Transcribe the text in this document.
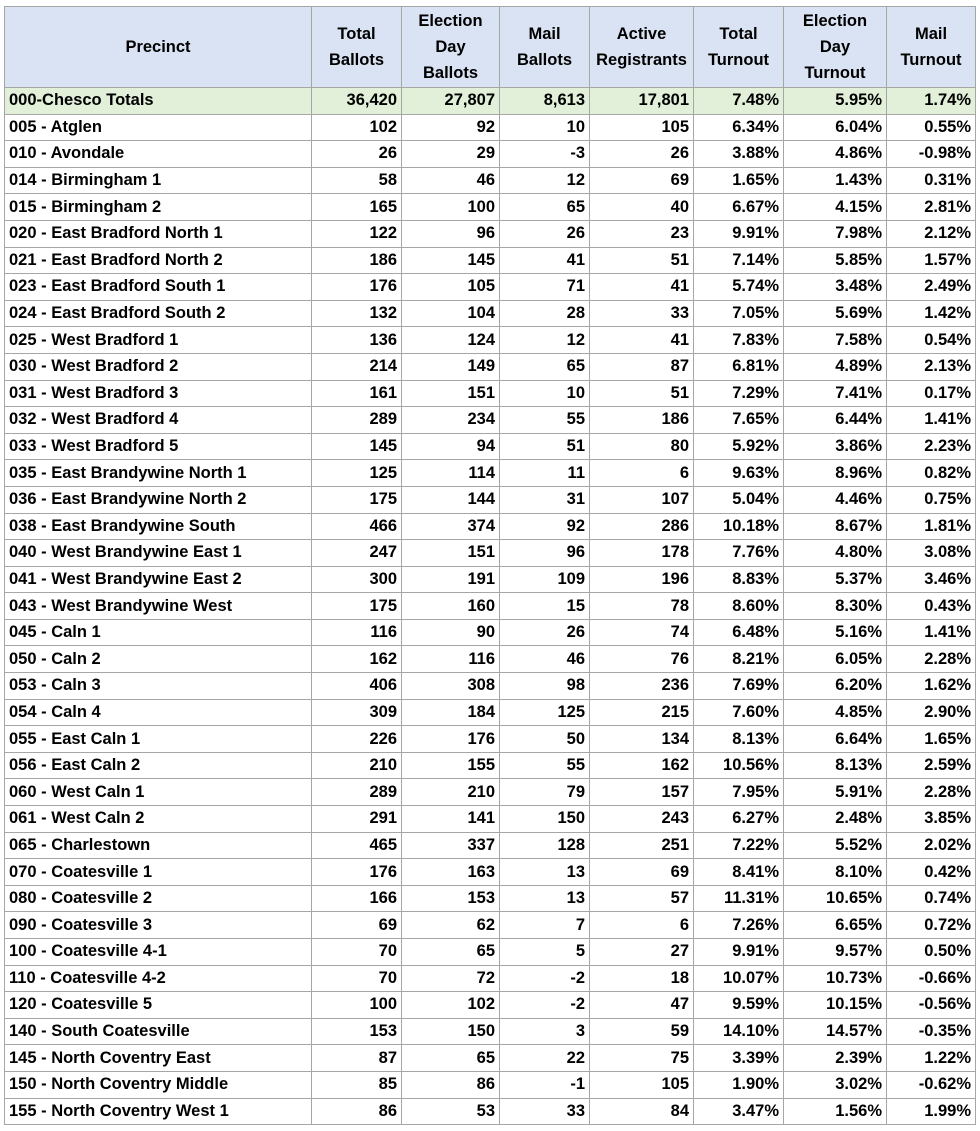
Precinct	Total Ballots	Election Day Ballots	Mail Ballots	Active Registrants	Total Turnout	Election Day Turnout	Mail Turnout
000-Chesco Totals	36,420	27,807	8,613	17,801	7.48%	5.95%	1.74%
005 - Atglen	102	92	10	105	6.34%	6.04%	0.55%
010 - Avondale	26	29	-3	26	3.88%	4.86%	-0.98%
014 - Birmingham 1	58	46	12	69	1.65%	1.43%	0.31%
015 - Birmingham 2	165	100	65	40	6.67%	4.15%	2.81%
020 - East Bradford North 1	122	96	26	23	9.91%	7.98%	2.12%
021 - East Bradford North 2	186	145	41	51	7.14%	5.85%	1.57%
023 - East Bradford South 1	176	105	71	41	5.74%	3.48%	2.49%
024 - East Bradford South 2	132	104	28	33	7.05%	5.69%	1.42%
025 - West Bradford 1	136	124	12	41	7.83%	7.58%	0.54%
030 - West Bradford 2	214	149	65	87	6.81%	4.89%	2.13%
031 - West Bradford 3	161	151	10	51	7.29%	7.41%	0.17%
032 - West Bradford 4	289	234	55	186	7.65%	6.44%	1.41%
033 - West Bradford 5	145	94	51	80	5.92%	3.86%	2.23%
035 - East Brandywine North 1	125	114	11	6	9.63%	8.96%	0.82%
036 - East Brandywine North 2	175	144	31	107	5.04%	4.46%	0.75%
038 - East Brandywine South	466	374	92	286	10.18%	8.67%	1.81%
040 - West Brandywine East 1	247	151	96	178	7.76%	4.80%	3.08%
041 - West Brandywine East 2	300	191	109	196	8.83%	5.37%	3.46%
043 - West Brandywine West	175	160	15	78	8.60%	8.30%	0.43%
045 - Caln 1	116	90	26	74	6.48%	5.16%	1.41%
050 - Caln 2	162	116	46	76	8.21%	6.05%	2.28%
053 - Caln 3	406	308	98	236	7.69%	6.20%	1.62%
054 - Caln 4	309	184	125	215	7.60%	4.85%	2.90%
055 - East Caln 1	226	176	50	134	8.13%	6.64%	1.65%
056 - East Caln 2	210	155	55	162	10.56%	8.13%	2.59%
060 - West Caln 1	289	210	79	157	7.95%	5.91%	2.28%
061 - West Caln 2	291	141	150	243	6.27%	2.48%	3.85%
065 - Charlestown	465	337	128	251	7.22%	5.52%	2.02%
070 - Coatesville 1	176	163	13	69	8.41%	8.10%	0.42%
080 - Coatesville 2	166	153	13	57	11.31%	10.65%	0.74%
090 - Coatesville 3	69	62	7	6	7.26%	6.65%	0.72%
100 - Coatesville 4-1	70	65	5	27	9.91%	9.57%	0.50%
110 - Coatesville 4-2	70	72	-2	18	10.07%	10.73%	-0.66%
120 - Coatesville 5	100	102	-2	47	9.59%	10.15%	-0.56%
140 - South Coatesville	153	150	3	59	14.10%	14.57%	-0.35%
145 - North Coventry East	87	65	22	75	3.39%	2.39%	1.22%
150 - North Coventry Middle	85	86	-1	105	1.90%	3.02%	-0.62%
155 - North Coventry West 1	86	53	33	84	3.47%	1.56%	1.99%
